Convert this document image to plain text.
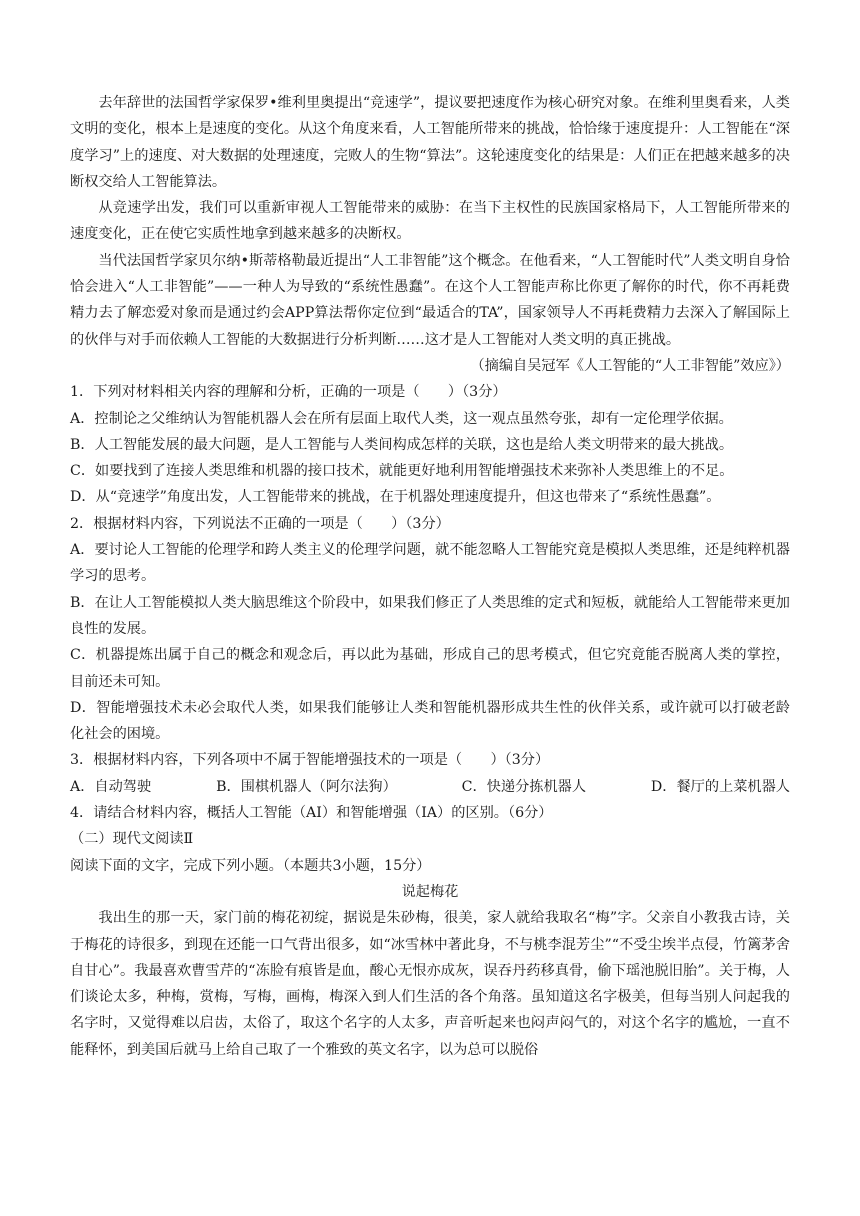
去年辞世的法国哲学家保罗•维利里奥提出“竞速学”，提议要把速度作为核心研究对象。在维利里奥看来，人类文明的变化，根本上是速度的变化。从这个角度来看，人工智能所带来的挑战，恰恰缘于速度提升：人工智能在“深度学习”上的速度、对大数据的处理速度，完败人的生物“算法”。这轮速度变化的结果是：人们正在把越来越多的决断权交给人工智能算法。
从竞速学出发，我们可以重新审视人工智能带来的威胁：在当下主权性的民族国家格局下，人工智能所带来的速度变化，正在使它实质性地拿到越来越多的决断权。
当代法国哲学家贝尔纳•斯蒂格勒最近提出“人工非智能”这个概念。在他看来，“人工智能时代”人类文明自身恰恰会进入“人工非智能”——一种人为导致的“系统性愚蠢”。在这个人工智能声称比你更了解你的时代，你不再耗费精力去了解恋爱对象而是通过约会APP算法帮你定位到“最适合的TA”，国家领导人不再耗费精力去深入了解国际上的伙伴与对手而依赖人工智能的大数据进行分析判断……这才是人工智能对人类文明的真正挑战。
（摘编自吴冠军《人工智能的“人工非智能”效应》）
1．下列对材料相关内容的理解和分析，正确的一项是（　　）（3分）
A．控制论之父维纳认为智能机器人会在所有层面上取代人类，这一观点虽然夸张，却有一定伦理学依据。
B．人工智能发展的最大问题，是人工智能与人类间构成怎样的关联，这也是给人类文明带来的最大挑战。
C．如要找到了连接人类思维和机器的接口技术，就能更好地利用智能增强技术来弥补人类思维上的不足。
D．从“竞速学”角度出发，人工智能带来的挑战，在于机器处理速度提升，但这也带来了“系统性愚蠢”。
2．根据材料内容，下列说法不正确的一项是（　　）（3分）
A．要讨论人工智能的伦理学和跨人类主义的伦理学问题，就不能忽略人工智能究竟是模拟人类思维，还是纯粹机器学习的思考。
B．在让人工智能模拟人类大脑思维这个阶段中，如果我们修正了人类思维的定式和短板，就能给人工智能带来更加良性的发展。
C．机器提炼出属于自己的概念和观念后，再以此为基础，形成自己的思考模式，但它究竟能否脱离人类的掌控，目前还未可知。
D．智能增强技术未必会取代人类，如果我们能够让人类和智能机器形成共生性的伙伴关系，或许就可以打破老龄化社会的困境。
3．根据材料内容，下列各项中不属于智能增强技术的一项是（　　）（3分）
A．自动驾驶	B．围棋机器人（阿尔法狗）	C．快递分拣机器人	D．餐厅的上菜机器人
4．请结合材料内容，概括人工智能（AI）和智能增强（IA）的区别。（6分）
（二）现代文阅读Ⅱ
阅读下面的文字，完成下列小题。（本题共3小题，15分）
说起梅花
我出生的那一天，家门前的梅花初绽，据说是朱砂梅，很美，家人就给我取名“梅”字。父亲自小教我古诗，关于梅花的诗很多，到现在还能一口气背出很多，如“冰雪林中著此身，不与桃李混芳尘”“不受尘埃半点侵，竹篱茅舍自甘心”。我最喜欢曹雪芹的“冻脸有痕皆是血，酸心无恨亦成灰，误吞丹药移真骨，偷下瑶池脱旧胎”。关于梅，人们谈论太多，种梅，赏梅，写梅，画梅，梅深入到人们生活的各个角落。虽知道这名字极美，但每当别人问起我的名字时，又觉得难以启齿，太俗了，取这个名字的人太多，声音听起来也闷声闷气的，对这个名字的尴尬，一直不能释怀，到美国后就马上给自己取了一个雅致的英文名字，以为总可以脱俗
